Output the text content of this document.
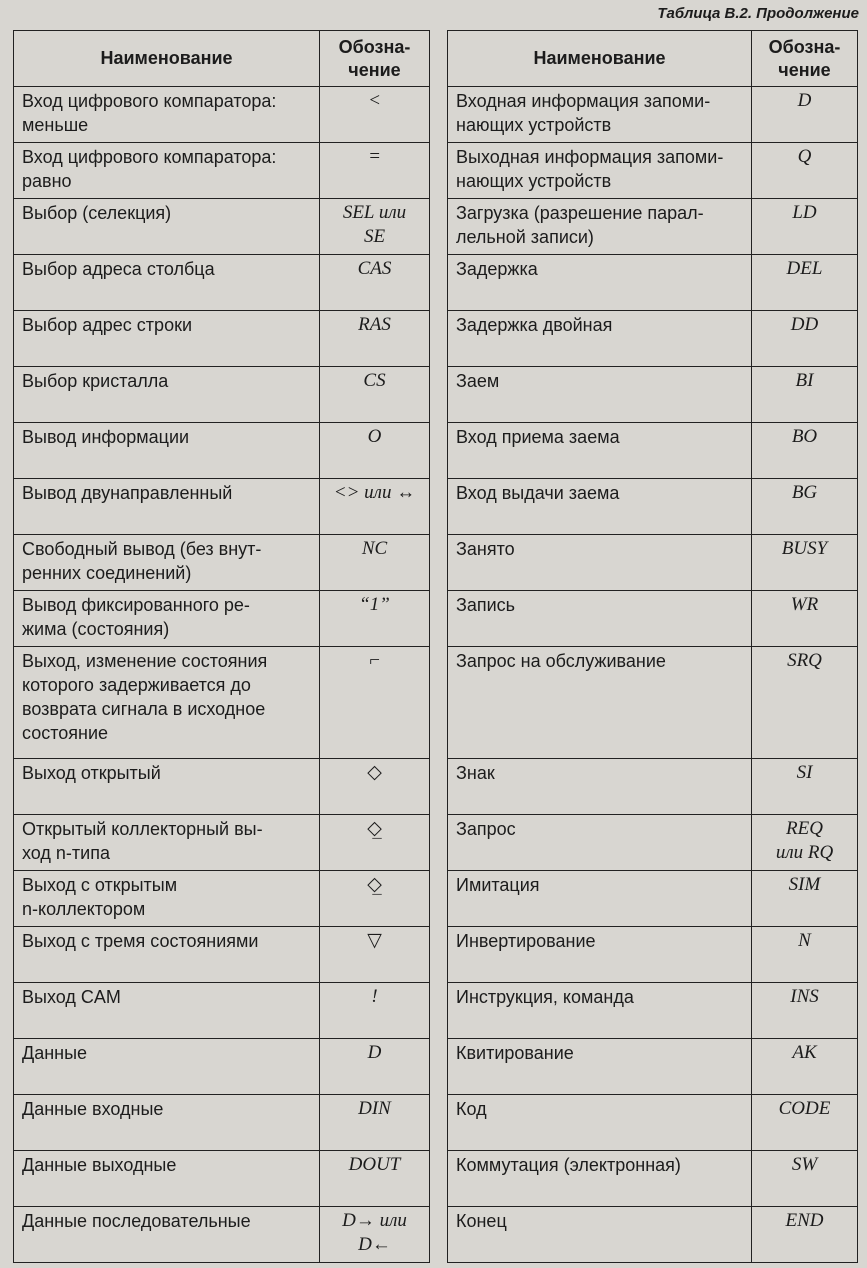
Таблица В.2. Продолжение
Наименование	Обозна-
чение
Вход цифрового компаратора:
меньше	<
Вход цифрового компаратора:
равно	=
Выбор (селекция)	SEL или
SE
Выбор адреса столбца	CAS
Выбор адрес строки	RAS
Выбор кристалла	CS
Вывод информации	O
Вывод двунаправленный	<> или ↔
Свободный вывод (без внут-
ренних соединений)	NC
Вывод фиксированного ре-
жима (состояния)	“1”
Выход, изменение состояния
которого задерживается до
возврата сигнала в исходное
состояние	⌐
Выход открытый	◇
Открытый коллекторный вы-
ход n-типа	◇̲
Выход с открытым
n-коллектором	◇̲
Выход с тремя состояниями	▽
Выход CAM	!
Данные	D
Данные входные	DIN
Данные выходные	DOUT
Данные последовательные	D→ или
D←
Наименование	Обозна-
чение
Входная информация запоми-
нающих устройств	D
Выходная информация запоми-
нающих устройств	Q
Загрузка (разрешение парал-
лельной записи)	LD
Задержка	DEL
Задержка двойная	DD
Заем	BI
Вход приема заема	BO
Вход выдачи заема	BG
Занято	BUSY
Запись	WR
Запрос на обслуживание	SRQ
Знак	SI
Запрос	REQ
или RQ
Имитация	SIM
Инвертирование	N
Инструкция, команда	INS
Квитирование	AK
Код	CODE
Коммутация (электронная)	SW
Конец	END
